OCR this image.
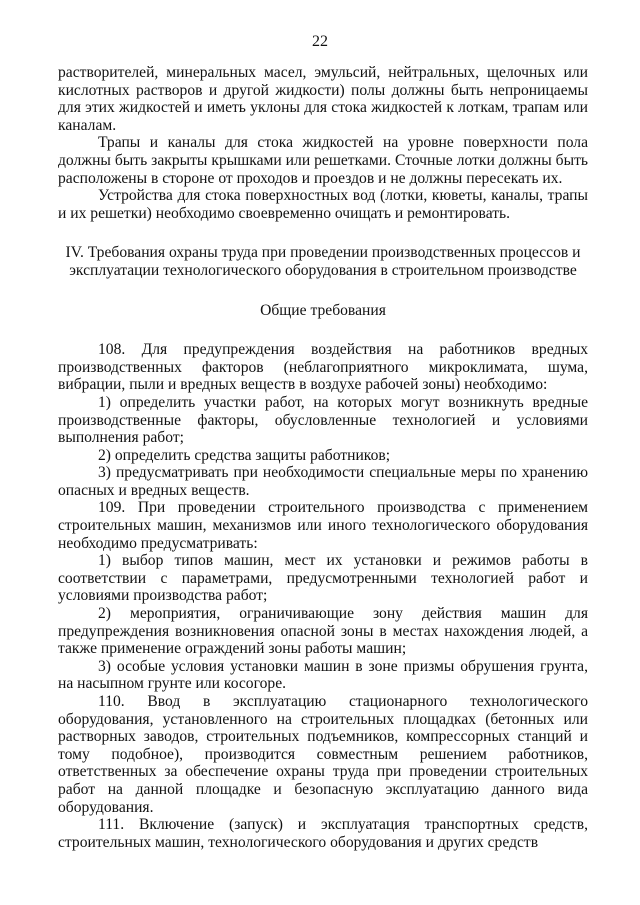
22

растворителей, минеральных масел, эмульсий, нейтральных, щелочных или кислотных растворов и другой жидкости) полы должны быть непроницаемы для этих жидкостей и иметь уклоны для стока жидкостей к лоткам, трапам или каналам.

Трапы и каналы для стока жидкостей на уровне поверхности пола должны быть закрыты крышками или решетками. Сточные лотки должны быть расположены в стороне от проходов и проездов и не должны пересекать их.

Устройства для стока поверхностных вод (лотки, кюветы, каналы, трапы и их решетки) необходимо своевременно очищать и ремонтировать.

IV. Требования охраны труда при проведении производственных процессов и эксплуатации технологического оборудования в строительном производстве

Общие требования

108. Для предупреждения воздействия на работников вредных производственных факторов (неблагоприятного микроклимата, шума, вибрации, пыли и вредных веществ в воздухе рабочей зоны) необходимо:

1) определить участки работ, на которых могут возникнуть вредные производственные факторы, обусловленные технологией и условиями выполнения работ;

2) определить средства защиты работников;

3) предусматривать при необходимости специальные меры по хранению опасных и вредных веществ.

109. При проведении строительного производства с применением строительных машин, механизмов или иного технологического оборудования необходимо предусматривать:

1) выбор типов машин, мест их установки и режимов работы в соответствии с параметрами, предусмотренными технологией работ и условиями производства работ;

2) мероприятия, ограничивающие зону действия машин для предупреждения возникновения опасной зоны в местах нахождения людей, а также применение ограждений зоны работы машин;

3) особые условия установки машин в зоне призмы обрушения грунта, на насыпном грунте или косогоре.

110. Ввод в эксплуатацию стационарного технологического оборудования, установленного на строительных площадках (бетонных или растворных заводов, строительных подъемников, компрессорных станций и тому подобное), производится совместным решением работников, ответственных за обеспечение охраны труда при проведении строительных работ на данной площадке и безопасную эксплуатацию данного вида оборудования.

111. Включение (запуск) и эксплуатация транспортных средств, строительных машин, технологического оборудования и других средств
